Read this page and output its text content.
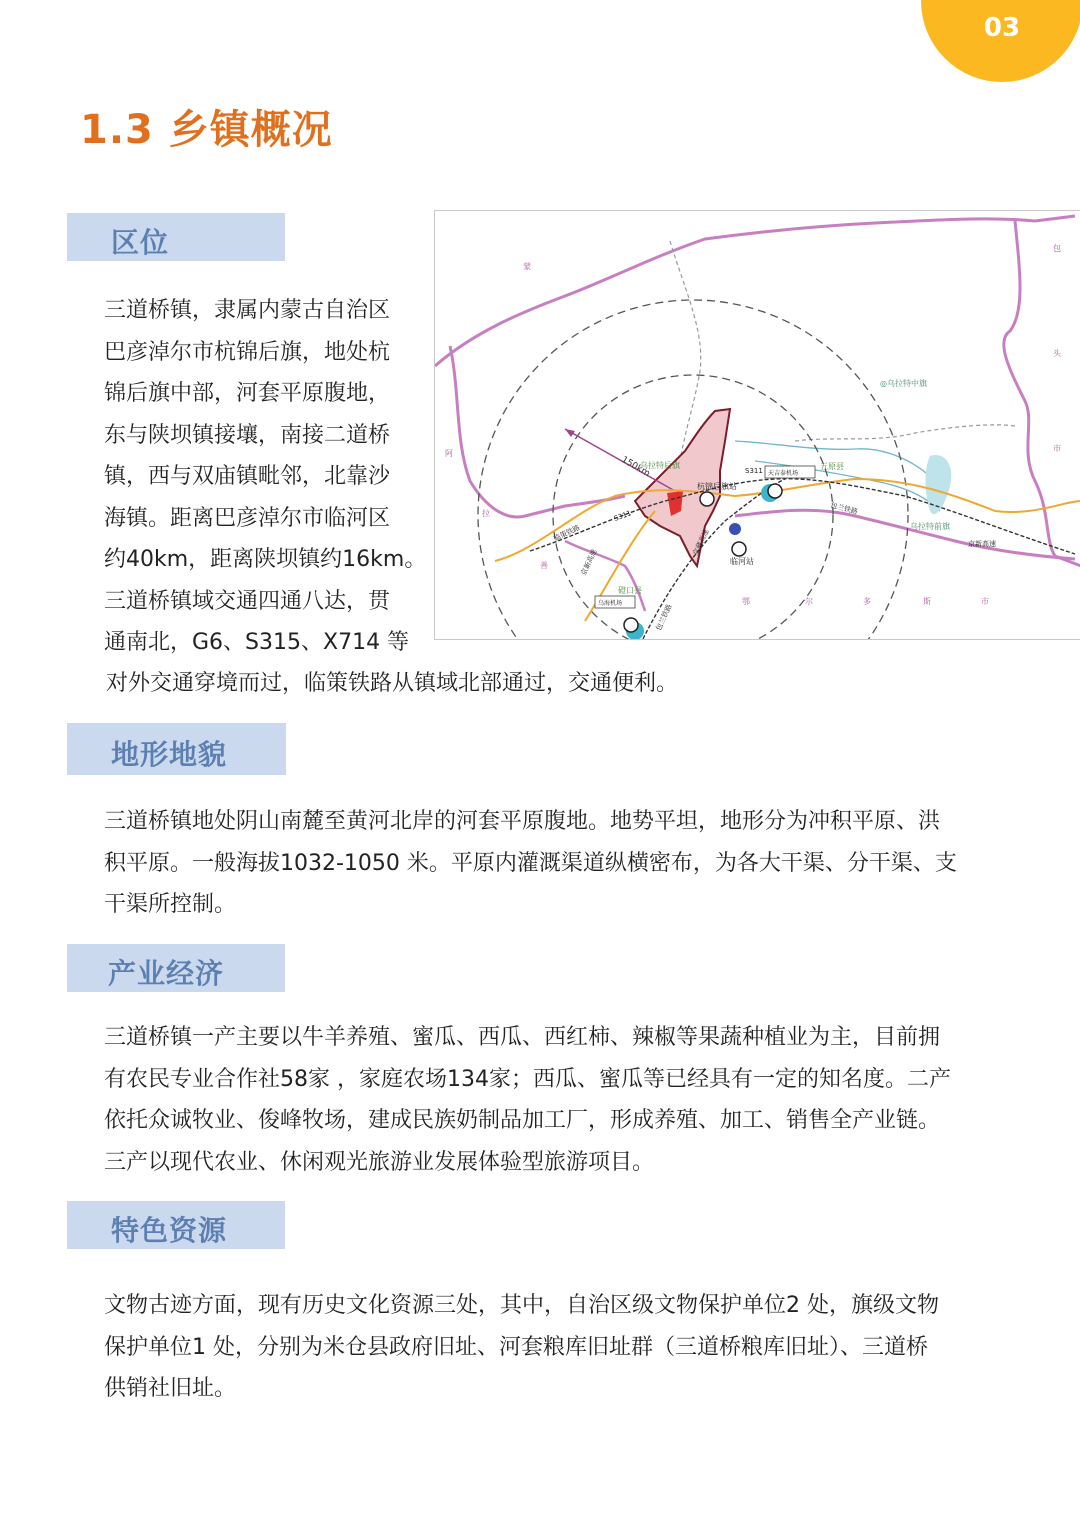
03
1.3 乡镇概况
区位
三道桥镇，隶属内蒙古自治区
巴彦淖尔市杭锦后旗，地处杭
锦后旗中部，河套平原腹地，
东与陕坝镇接壤，南接二道桥
镇，西与双庙镇毗邻，北靠沙
海镇。距离巴彦淖尔市临河区
约40km，距离陕坝镇约16km。
三道桥镇域交通四通八达，贯
通南北，G6、S315、X714 等
对外交通穿境而过，临策铁路从镇域北部通过，交通便利。
150km
杭锦后旗站
临河站
S311
S311
◎乌拉特中旗
乌拉特后旗
乌拉特前旗
五原县
磴口县
包兰铁路
包兰铁路
京新高速
京新高速
临策铁路	京藏高速
天吉泰机场
乌海机场	鄂	尔	多	斯	市
包
头
市
阿
拉
善
蒙
地形地貌
三道桥镇地处阴山南麓至黄河北岸的河套平原腹地。地势平坦，地形分为冲积平原、洪
积平原。一般海拔1032-1050 米。平原内灌溉渠道纵横密布，为各大干渠、分干渠、支
干渠所控制。
产业经济
三道桥镇一产主要以牛羊养殖、蜜瓜、西瓜、西红柿、辣椒等果蔬种植业为主，目前拥
有农民专业合作社58家 ，家庭农场134家；西瓜、蜜瓜等已经具有一定的知名度。二产
依托众诚牧业、俊峰牧场，建成民族奶制品加工厂，形成养殖、加工、销售全产业链。
三产以现代农业、休闲观光旅游业发展体验型旅游项目。
特色资源
文物古迹方面，现有历史文化资源三处，其中，自治区级文物保护单位2 处，旗级文物
保护单位1 处，分别为米仓县政府旧址、河套粮库旧址群（三道桥粮库旧址）、三道桥
供销社旧址。
